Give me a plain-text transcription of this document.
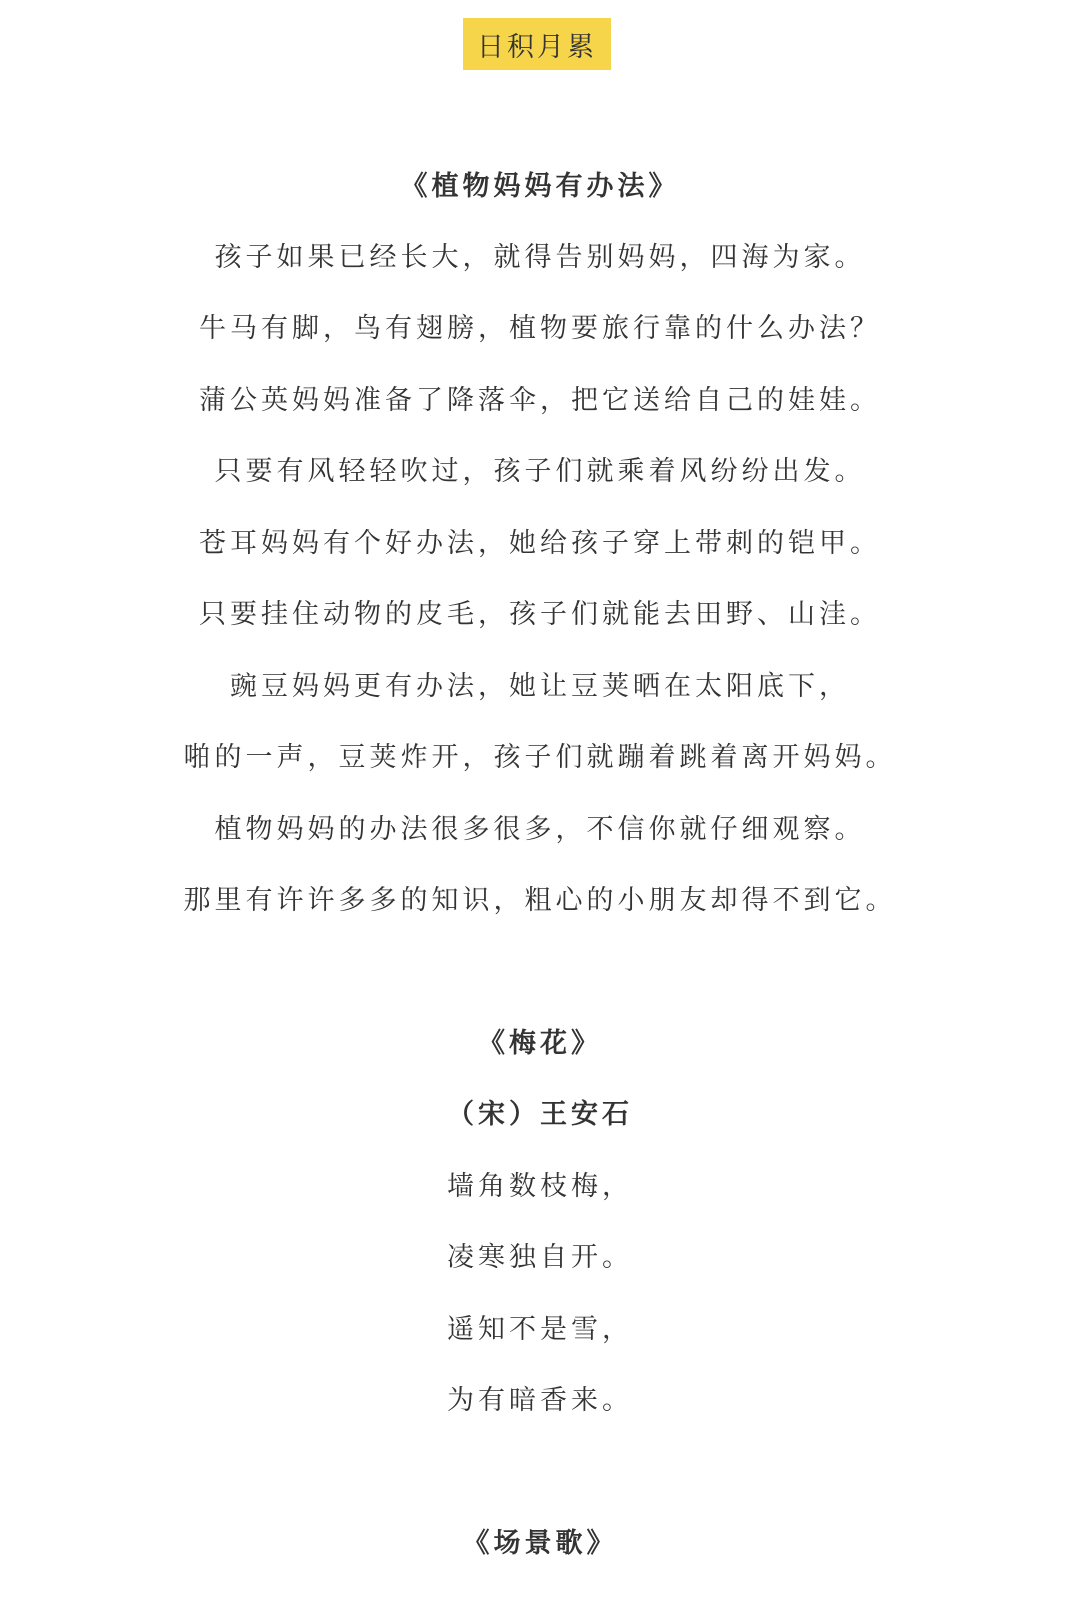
日积月累
《植物妈妈有办法》
孩子如果已经长大，就得告别妈妈，四海为家。
牛马有脚，鸟有翅膀，植物要旅行靠的什么办法？
蒲公英妈妈准备了降落伞，把它送给自己的娃娃。
只要有风轻轻吹过，孩子们就乘着风纷纷出发。
苍耳妈妈有个好办法，她给孩子穿上带刺的铠甲。
只要挂住动物的皮毛，孩子们就能去田野、山洼。
豌豆妈妈更有办法，她让豆荚晒在太阳底下，
啪的一声，豆荚炸开，孩子们就蹦着跳着离开妈妈。
植物妈妈的办法很多很多，不信你就仔细观察。
那里有许许多多的知识，粗心的小朋友却得不到它。
《梅花》
（宋）王安石
墙角数枝梅，
凌寒独自开。
遥知不是雪，
为有暗香来。
《场景歌》
